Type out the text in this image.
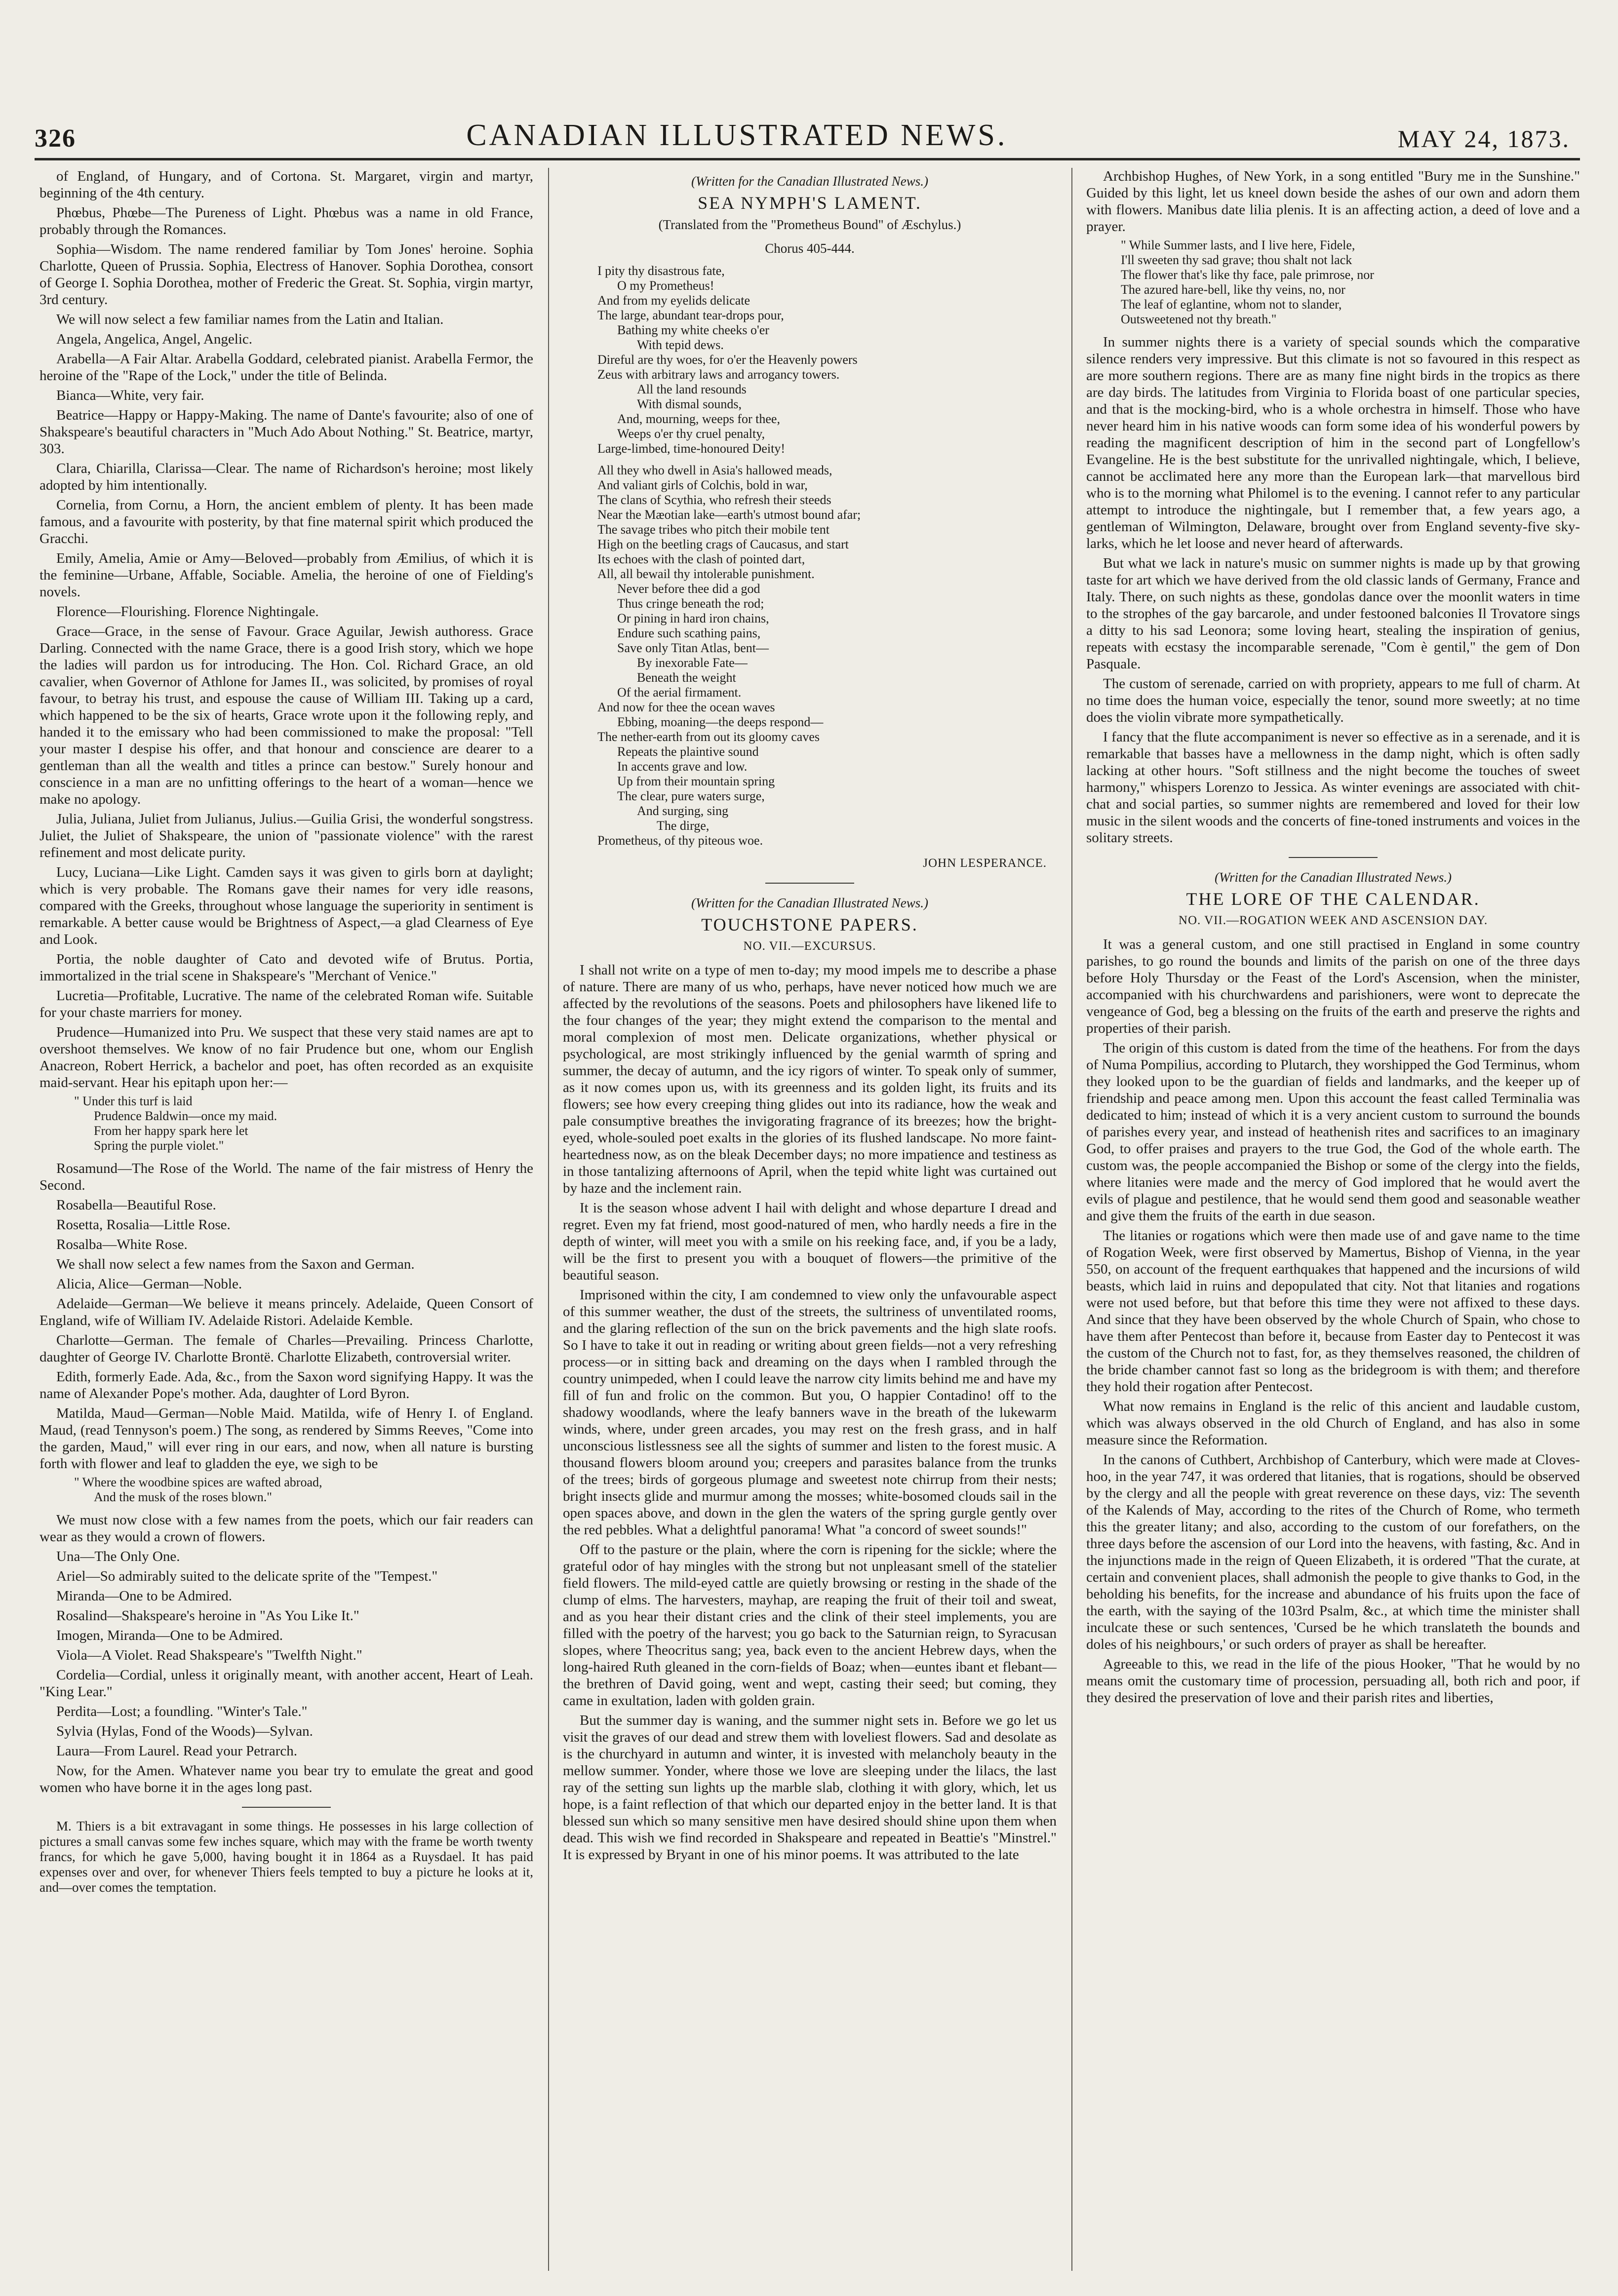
326	CANADIAN ILLUSTRATED NEWS.	MAY 24, 1873.

of England, of Hungary, and of Cortona. St. Margaret, virgin and martyr, beginning of the 4th century.

Phœbus, Phœbe—The Pureness of Light. Phœbus was a name in old France, probably through the Romances.

Sophia—Wisdom. The name rendered familiar by Tom Jones' heroine. Sophia Charlotte, Queen of Prussia. Sophia, Electress of Hanover. Sophia Dorothea, consort of George I. Sophia Dorothea, mother of Frederic the Great. St. Sophia, virgin martyr, 3rd century.

We will now select a few familiar names from the Latin and Italian.

Angela, Angelica, Angel, Angelic.

Arabella—A Fair Altar. Arabella Goddard, celebrated pianist. Arabella Fermor, the heroine of the "Rape of the Lock," under the title of Belinda.

Bianca—White, very fair.

Beatrice—Happy or Happy-Making. The name of Dante's favourite; also of one of Shakspeare's beautiful characters in "Much Ado About Nothing." St. Beatrice, martyr, 303.

Clara, Chiarilla, Clarissa—Clear. The name of Richardson's heroine; most likely adopted by him intentionally.

Cornelia, from Cornu, a Horn, the ancient emblem of plenty. It has been made famous, and a favourite with posterity, by that fine maternal spirit which produced the Gracchi.

Emily, Amelia, Amie or Amy—Beloved—probably from Æmilius, of which it is the feminine—Urbane, Affable, Sociable. Amelia, the heroine of one of Fielding's novels.

Florence—Flourishing. Florence Nightingale.

Grace—Grace, in the sense of Favour. Grace Aguilar, Jewish authoress. Grace Darling. Connected with the name Grace, there is a good Irish story, which we hope the ladies will pardon us for introducing. The Hon. Col. Richard Grace, an old cavalier, when Governor of Athlone for James II., was solicited, by promises of royal favour, to betray his trust, and espouse the cause of William III. Taking up a card, which happened to be the six of hearts, Grace wrote upon it the following reply, and handed it to the emissary who had been commissioned to make the proposal: "Tell your master I despise his offer, and that honour and conscience are dearer to a gentleman than all the wealth and titles a prince can bestow." Surely honour and conscience in a man are no unfitting offerings to the heart of a woman—hence we make no apology.

Julia, Juliana, Juliet from Julianus, Julius.—Guilia Grisi, the wonderful songstress. Juliet, the Juliet of Shakspeare, the union of "passionate violence" with the rarest refinement and most delicate purity.

Lucy, Luciana—Like Light. Camden says it was given to girls born at daylight; which is very probable. The Romans gave their names for very idle reasons, compared with the Greeks, throughout whose language the superiority in sentiment is remarkable. A better cause would be Brightness of Aspect,—a glad Clearness of Eye and Look.

Portia, the noble daughter of Cato and devoted wife of Brutus. Portia, immortalized in the trial scene in Shakspeare's "Merchant of Venice."

Lucretia—Profitable, Lucrative. The name of the celebrated Roman wife. Suitable for your chaste marriers for money.

Prudence—Humanized into Pru. We suspect that these very staid names are apt to overshoot themselves. We know of no fair Prudence but one, whom our English Anacreon, Robert Herrick, a bachelor and poet, has often recorded as an exquisite maid-servant. Hear his epitaph upon her:—

" Under this turf is laid
Prudence Baldwin—once my maid.
From her happy spark here let
Spring the purple violet."

Rosamund—The Rose of the World. The name of the fair mistress of Henry the Second.

Rosabella—Beautiful Rose.

Rosetta, Rosalia—Little Rose.

Rosalba—White Rose.

We shall now select a few names from the Saxon and German.

Alicia, Alice—German—Noble.

Adelaide—German—We believe it means princely. Adelaide, Queen Consort of England, wife of William IV. Adelaide Ristori. Adelaide Kemble.

Charlotte—German. The female of Charles—Prevailing. Princess Charlotte, daughter of George IV. Charlotte Brontë. Charlotte Elizabeth, controversial writer.

Edith, formerly Eade. Ada, &c., from the Saxon word signifying Happy. It was the name of Alexander Pope's mother. Ada, daughter of Lord Byron.

Matilda, Maud—German—Noble Maid. Matilda, wife of Henry I. of England. Maud, (read Tennyson's poem.) The song, as rendered by Simms Reeves, "Come into the garden, Maud," will ever ring in our ears, and now, when all nature is bursting forth with flower and leaf to gladden the eye, we sigh to be

" Where the woodbine spices are wafted abroad,
And the musk of the roses blown."

We must now close with a few names from the poets, which our fair readers can wear as they would a crown of flowers.

Una—The Only One.

Ariel—So admirably suited to the delicate sprite of the "Tempest."

Miranda—One to be Admired.

Rosalind—Shakspeare's heroine in "As You Like It."

Imogen, Miranda—One to be Admired.

Viola—A Violet. Read Shakspeare's "Twelfth Night."

Cordelia—Cordial, unless it originally meant, with another accent, Heart of Leah. "King Lear."

Perdita—Lost; a foundling. "Winter's Tale."

Sylvia (Hylas, Fond of the Woods)—Sylvan.

Laura—From Laurel. Read your Petrarch.

Now, for the Amen. Whatever name you bear try to emulate the great and good women who have borne it in the ages long past.

M. Thiers is a bit extravagant in some things. He possesses in his large collection of pictures a small canvas some few inches square, which may with the frame be worth twenty francs, for which he gave 5,000, having bought it in 1864 as a Ruysdael. It has paid expenses over and over, for whenever Thiers feels tempted to buy a picture he looks at it, and—over comes the temptation.

(Written for the Canadian Illustrated News.)

SEA NYMPH'S LAMENT.

(Translated from the "Prometheus Bound" of Æschylus.)

Chorus 405-444.

I pity thy disastrous fate,
O my Prometheus!
And from my eyelids delicate
The large, abundant tear-drops pour,
Bathing my white cheeks o'er
With tepid dews.
Direful are thy woes, for o'er the Heavenly powers
Zeus with arbitrary laws and arrogancy towers.
All the land resounds
With dismal sounds,
And, mourning, weeps for thee,
Weeps o'er thy cruel penalty,
Large-limbed, time-honoured Deity!
All they who dwell in Asia's hallowed meads,
And valiant girls of Colchis, bold in war,
The clans of Scythia, who refresh their steeds
Near the Mæotian lake—earth's utmost bound afar;
The savage tribes who pitch their mobile tent
High on the beetling crags of Caucasus, and start
Its echoes with the clash of pointed dart,
All, all bewail thy intolerable punishment.
Never before thee did a god
Thus cringe beneath the rod;
Or pining in hard iron chains,
Endure such scathing pains,
Save only Titan Atlas, bent—
By inexorable Fate—
Beneath the weight
Of the aerial firmament.
And now for thee the ocean waves
Ebbing, moaning—the deeps respond—
The nether-earth from out its gloomy caves
Repeats the plaintive sound
In accents grave and low.
Up from their mountain spring
The clear, pure waters surge,
And surging, sing
The dirge,
Prometheus, of thy piteous woe.

JOHN LESPERANCE.

(Written for the Canadian Illustrated News.)

TOUCHSTONE PAPERS.

NO. VII.—EXCURSUS.

I shall not write on a type of men to-day; my mood impels me to describe a phase of nature. There are many of us who, perhaps, have never noticed how much we are affected by the revolutions of the seasons. Poets and philosophers have likened life to the four changes of the year; they might extend the comparison to the mental and moral complexion of most men. Delicate organizations, whether physical or psychological, are most strikingly influenced by the genial warmth of spring and summer, the decay of autumn, and the icy rigors of winter. To speak only of summer, as it now comes upon us, with its greenness and its golden light, its fruits and its flowers; see how every creeping thing glides out into its radiance, how the weak and pale consumptive breathes the invigorating fragrance of its breezes; how the bright-eyed, whole-souled poet exalts in the glories of its flushed landscape. No more faint-heartedness now, as on the bleak December days; no more impatience and testiness as in those tantalizing afternoons of April, when the tepid white light was curtained out by haze and the inclement rain.

It is the season whose advent I hail with delight and whose departure I dread and regret. Even my fat friend, most good-natured of men, who hardly needs a fire in the depth of winter, will meet you with a smile on his reeking face, and, if you be a lady, will be the first to present you with a bouquet of flowers—the primitive of the beautiful season.

Imprisoned within the city, I am condemned to view only the unfavourable aspect of this summer weather, the dust of the streets, the sultriness of unventilated rooms, and the glaring reflection of the sun on the brick pavements and the high slate roofs. So I have to take it out in reading or writing about green fields—not a very refreshing process—or in sitting back and dreaming on the days when I rambled through the country unimpeded, when I could leave the narrow city limits behind me and have my fill of fun and frolic on the common. But you, O happier Contadino! off to the shadowy woodlands, where the leafy banners wave in the breath of the lukewarm winds, where, under green arcades, you may rest on the fresh grass, and in half unconscious listlessness see all the sights of summer and listen to the forest music. A thousand flowers bloom around you; creepers and parasites balance from the trunks of the trees; birds of gorgeous plumage and sweetest note chirrup from their nests; bright insects glide and murmur among the mosses; white-bosomed clouds sail in the open spaces above, and down in the glen the waters of the spring gurgle gently over the red pebbles. What a delightful panorama! What "a concord of sweet sounds!"

Off to the pasture or the plain, where the corn is ripening for the sickle; where the grateful odor of hay mingles with the strong but not unpleasant smell of the statelier field flowers. The mild-eyed cattle are quietly browsing or resting in the shade of the clump of elms. The harvesters, mayhap, are reaping the fruit of their toil and sweat, and as you hear their distant cries and the clink of their steel implements, you are filled with the poetry of the harvest; you go back to the Saturnian reign, to Syracusan slopes, where Theocritus sang; yea, back even to the ancient Hebrew days, when the long-haired Ruth gleaned in the corn-fields of Boaz; when—euntes ibant et flebant—the brethren of David going, went and wept, casting their seed; but coming, they came in exultation, laden with golden grain.

But the summer day is waning, and the summer night sets in. Before we go let us visit the graves of our dead and strew them with loveliest flowers. Sad and desolate as is the churchyard in autumn and winter, it is invested with melancholy beauty in the mellow summer. Yonder, where those we love are sleeping under the lilacs, the last ray of the setting sun lights up the marble slab, clothing it with glory, which, let us hope, is a faint reflection of that which our departed enjoy in the better land. It is that blessed sun which so many sensitive men have desired should shine upon them when dead. This wish we find recorded in Shakspeare and repeated in Beattie's "Minstrel." It is expressed by Bryant in one of his minor poems. It was attributed to the late

Archbishop Hughes, of New York, in a song entitled "Bury me in the Sunshine." Guided by this light, let us kneel down beside the ashes of our own and adorn them with flowers. Manibus date lilia plenis. It is an affecting action, a deed of love and a prayer.

" While Summer lasts, and I live here, Fidele,
I'll sweeten thy sad grave; thou shalt not lack
The flower that's like thy face, pale primrose, nor
The azured hare-bell, like thy veins, no, nor
The leaf of eglantine, whom not to slander,
Outsweetened not thy breath."

In summer nights there is a variety of special sounds which the comparative silence renders very impressive. But this climate is not so favoured in this respect as are more southern regions. There are as many fine night birds in the tropics as there are day birds. The latitudes from Virginia to Florida boast of one particular species, and that is the mocking-bird, who is a whole orchestra in himself. Those who have never heard him in his native woods can form some idea of his wonderful powers by reading the magnificent description of him in the second part of Longfellow's Evangeline. He is the best substitute for the unrivalled nightingale, which, I believe, cannot be acclimated here any more than the European lark—that marvellous bird who is to the morning what Philomel is to the evening. I cannot refer to any particular attempt to introduce the nightingale, but I remember that, a few years ago, a gentleman of Wilmington, Delaware, brought over from England seventy-five sky-larks, which he let loose and never heard of afterwards.

But what we lack in nature's music on summer nights is made up by that growing taste for art which we have derived from the old classic lands of Germany, France and Italy. There, on such nights as these, gondolas dance over the moonlit waters in time to the strophes of the gay barcarole, and under festooned balconies Il Trovatore sings a ditty to his sad Leonora; some loving heart, stealing the inspiration of genius, repeats with ecstasy the incomparable serenade, "Com è gentil," the gem of Don Pasquale.

The custom of serenade, carried on with propriety, appears to me full of charm. At no time does the human voice, especially the tenor, sound more sweetly; at no time does the violin vibrate more sympathetically.

I fancy that the flute accompaniment is never so effective as in a serenade, and it is remarkable that basses have a mellowness in the damp night, which is often sadly lacking at other hours. "Soft stillness and the night become the touches of sweet harmony," whispers Lorenzo to Jessica. As winter evenings are associated with chit-chat and social parties, so summer nights are remembered and loved for their low music in the silent woods and the concerts of fine-toned instruments and voices in the solitary streets.

(Written for the Canadian Illustrated News.)

THE LORE OF THE CALENDAR.

NO. VII.—ROGATION WEEK AND ASCENSION DAY.

It was a general custom, and one still practised in England in some country parishes, to go round the bounds and limits of the parish on one of the three days before Holy Thursday or the Feast of the Lord's Ascension, when the minister, accompanied with his churchwardens and parishioners, were wont to deprecate the vengeance of God, beg a blessing on the fruits of the earth and preserve the rights and properties of their parish.

The origin of this custom is dated from the time of the heathens. For from the days of Numa Pompilius, according to Plutarch, they worshipped the God Terminus, whom they looked upon to be the guardian of fields and landmarks, and the keeper up of friendship and peace among men. Upon this account the feast called Terminalia was dedicated to him; instead of which it is a very ancient custom to surround the bounds of parishes every year, and instead of heathenish rites and sacrifices to an imaginary God, to offer praises and prayers to the true God, the God of the whole earth. The custom was, the people accompanied the Bishop or some of the clergy into the fields, where litanies were made and the mercy of God implored that he would avert the evils of plague and pestilence, that he would send them good and seasonable weather and give them the fruits of the earth in due season.

The litanies or rogations which were then made use of and gave name to the time of Rogation Week, were first observed by Mamertus, Bishop of Vienna, in the year 550, on account of the frequent earthquakes that happened and the incursions of wild beasts, which laid in ruins and depopulated that city. Not that litanies and rogations were not used before, but that before this time they were not affixed to these days. And since that they have been observed by the whole Church of Spain, who chose to have them after Pentecost than before it, because from Easter day to Pentecost it was the custom of the Church not to fast, for, as they themselves reasoned, the children of the bride chamber cannot fast so long as the bridegroom is with them; and therefore they hold their rogation after Pentecost.

What now remains in England is the relic of this ancient and laudable custom, which was always observed in the old Church of England, and has also in some measure since the Reformation.

In the canons of Cuthbert, Archbishop of Canterbury, which were made at Cloves-hoo, in the year 747, it was ordered that litanies, that is rogations, should be observed by the clergy and all the people with great reverence on these days, viz: The seventh of the Kalends of May, according to the rites of the Church of Rome, who termeth this the greater litany; and also, according to the custom of our forefathers, on the three days before the ascension of our Lord into the heavens, with fasting, &c. And in the injunctions made in the reign of Queen Elizabeth, it is ordered "That the curate, at certain and convenient places, shall admonish the people to give thanks to God, in the beholding his benefits, for the increase and abundance of his fruits upon the face of the earth, with the saying of the 103rd Psalm, &c., at which time the minister shall inculcate these or such sentences, 'Cursed be he which translateth the bounds and doles of his neighbours,' or such orders of prayer as shall be hereafter.

Agreeable to this, we read in the life of the pious Hooker, "That he would by no means omit the customary time of procession, persuading all, both rich and poor, if they desired the preservation of love and their parish rites and liberties,
